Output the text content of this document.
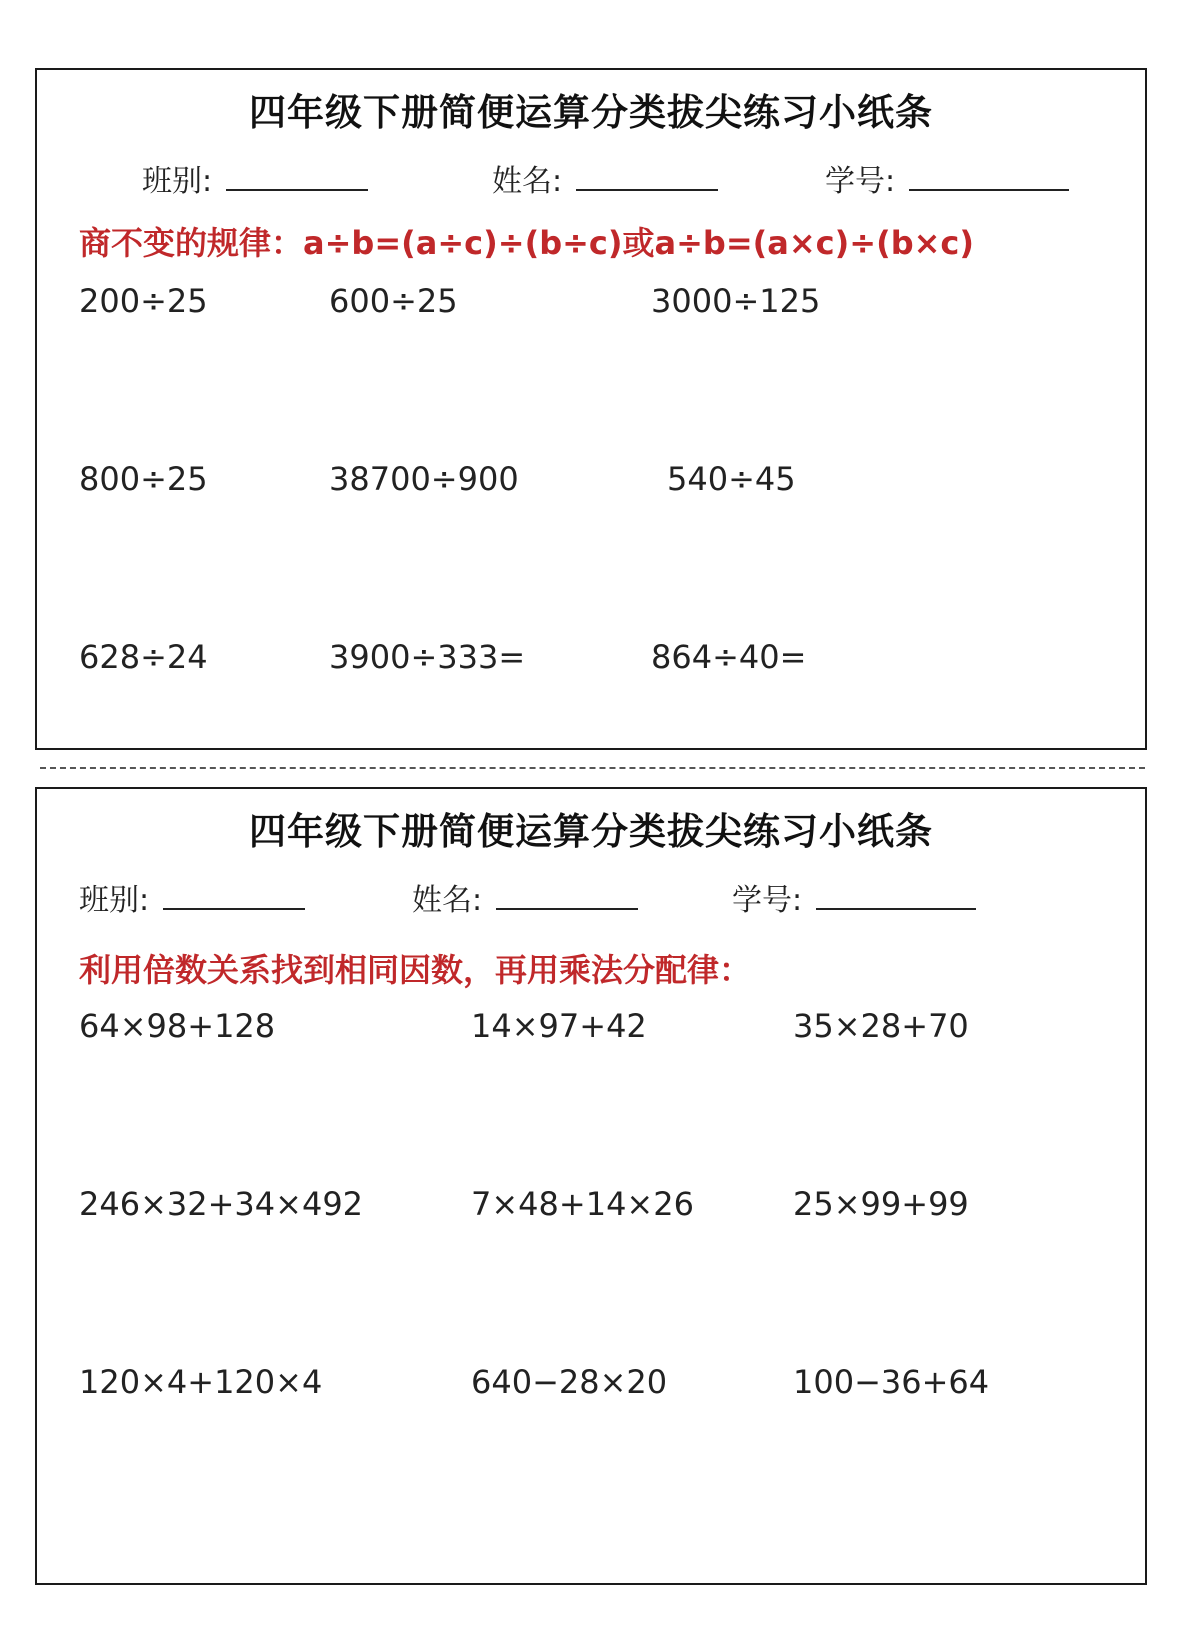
四年级下册简便运算分类拔尖练习小纸条
班别:	姓名:	学号:
商不变的规律：a÷b=(a÷c)÷(b÷c)或a÷b=(a×c)÷(b×c)
200÷25	600÷25	3000÷125
800÷25	38700÷900	540÷45
628÷24	3900÷333=	864÷40=
四年级下册简便运算分类拔尖练习小纸条
班别:	姓名:	学号:
利用倍数关系找到相同因数，再用乘法分配律：
64×98+128	14×97+42	35×28+70
246×32+34×492	7×48+14×26	25×99+99
120×4+120×4	640−28×20	100−36+64
